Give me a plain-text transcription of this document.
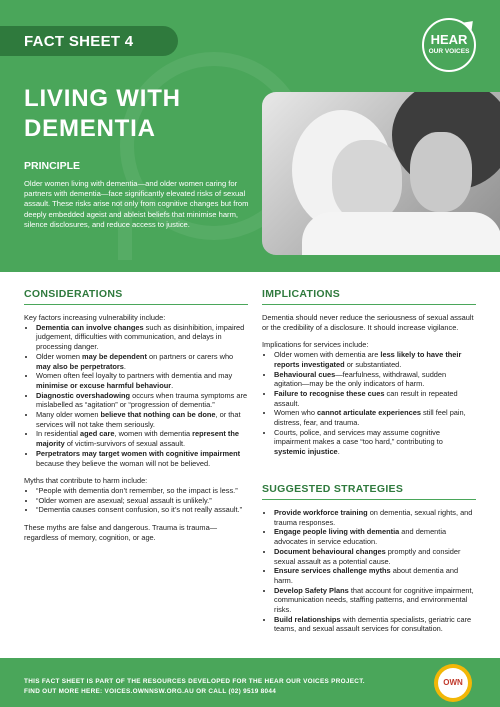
FACT SHEET 4	HEAR
OUR VOICES
LIVING WITH
DEMENTIA
PRINCIPLE
Older women living with dementia—and older women caring for partners with dementia—face significantly elevated risks of sexual assault. These risks arise not only from cognitive changes but from deeply embedded ageist and ableist beliefs that minimise harm, silence disclosures, and reduce access to justice.
CONSIDERATIONS
Key factors increasing vulnerability include:
• Dementia can involve changes such as disinhibition, impaired judgement, difficulties with communication, and delays in processing danger.
• Older women may be dependent on partners or carers who may also be perpetrators.
• Women often feel loyalty to partners with dementia and may minimise or excuse harmful behaviour.
• Diagnostic overshadowing occurs when trauma symptoms are mislabelled as “agitation” or “progression of dementia.”
• Many older women believe that nothing can be done, or that services will not take them seriously.
• In residential aged care, women with dementia represent the majority of victim-survivors of sexual assault.
• Perpetrators may target women with cognitive impairment because they believe the woman will not be believed.
Myths that contribute to harm include:
• “People with dementia don’t remember, so the impact is less.”
• “Older women are asexual; sexual assault is unlikely.”
• “Dementia causes consent confusion, so it’s not really assault.”
These myths are false and dangerous. Trauma is trauma—regardless of memory, cognition, or age.
IMPLICATIONS
Dementia should never reduce the seriousness of sexual assault or the credibility of a disclosure. It should increase vigilance.
Implications for services include:
• Older women with dementia are less likely to have their reports investigated or substantiated.
• Behavioural cues—fearfulness, withdrawal, sudden agitation—may be the only indicators of harm.
• Failure to recognise these cues can result in repeated assault.
• Women who cannot articulate experiences still feel pain, distress, fear, and trauma.
• Courts, police, and services may assume cognitive impairment makes a case “too hard,” contributing to systemic injustice.
SUGGESTED STRATEGIES
• Provide workforce training on dementia, sexual rights, and trauma responses.
• Engage people living with dementia and dementia advocates in service education.
• Document behavioural changes promptly and consider sexual assault as a potential cause.
• Ensure services challenge myths about dementia and harm.
• Develop Safety Plans that account for cognitive impairment, communication needs, staffing patterns, and environmental risks.
• Build relationships with dementia specialists, geriatric care teams, and sexual assault services for consultation.
THIS FACT SHEET IS PART OF THE RESOURCES DEVELOPED FOR THE HEAR OUR VOICES PROJECT.
FIND OUT MORE HERE: VOICES.OWNNSW.ORG.AU OR CALL (02) 9519 8044
OWN
